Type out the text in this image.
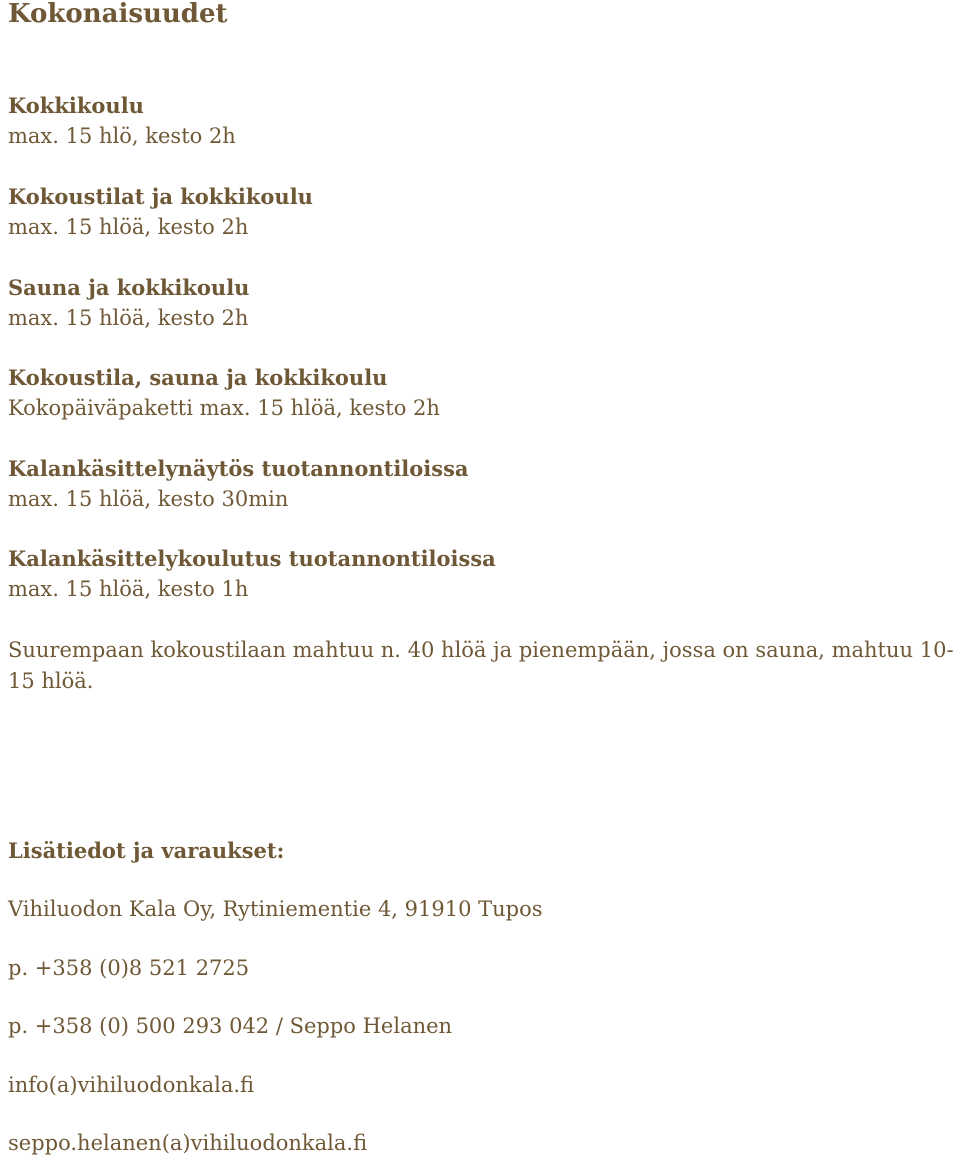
Kokonaisuudet
Kokkikoulu
max. 15 hlö, kesto 2h
Kokoustilat ja kokkikoulu
max. 15 hlöä, kesto 2h
Sauna ja kokkikoulu
max. 15 hlöä, kesto 2h
Kokoustila, sauna ja kokkikoulu
Kokopäiväpaketti max. 15 hlöä, kesto 2h
Kalankäsittelynäytös tuotannontiloissa
max. 15 hlöä, kesto 30min
Kalankäsittelykoulutus tuotannontiloissa
max. 15 hlöä, kesto 1h
Suurempaan kokoustilaan mahtuu n. 40 hlöä ja pienempään, jossa on sauna, mahtuu 10-15 hlöä.
Lisätiedot ja varaukset:
Vihiluodon Kala Oy, Rytiniementie 4, 91910 Tupos
p. +358 (0)8 521 2725
p. +358 (0) 500 293 042 / Seppo Helanen
info(a)vihiluodonkala.fi
seppo.helanen(a)vihiluodonkala.fi
